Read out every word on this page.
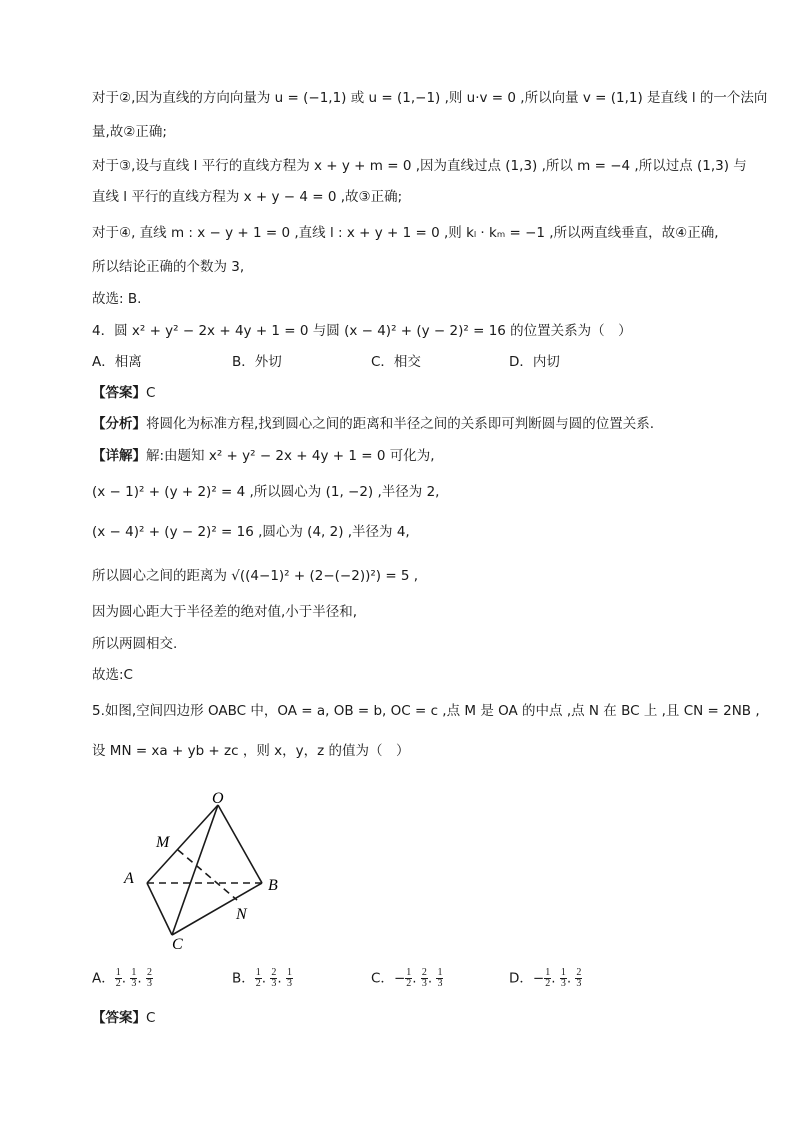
对于②,因为直线的方向向量为 u = (−1,1) 或 u = (1,−1) ,则 u·v = 0 ,所以向量 v = (1,1) 是直线 l 的一个法向
量,故②正确;
对于③,设与直线 l 平行的直线方程为 x + y + m = 0 ,因为直线过点 (1,3) ,所以 m = −4 ,所以过点 (1,3) 与
直线 l 平行的直线方程为 x + y − 4 = 0 ,故③正确;
对于④, 直线 m : x − y + 1 = 0 ,直线 l : x + y + 1 = 0 ,则 kₗ · kₘ = −1 ,所以两直线垂直，故④正确,
所以结论正确的个数为 3,
故选: B.
4．圆 x² + y² − 2x + 4y + 1 = 0 与圆 (x − 4)² + (y − 2)² = 16 的位置关系为（　）
A．相离	B．外切	C．相交	D．内切
【答案】C
【分析】将圆化为标准方程,找到圆心之间的距离和半径之间的关系即可判断圆与圆的位置关系.
【详解】解:由题知 x² + y² − 2x + 4y + 1 = 0 可化为,
(x − 1)² + (y + 2)² = 4 ,所以圆心为 (1, −2) ,半径为 2,
(x − 4)² + (y − 2)² = 16 ,圆心为 (4, 2) ,半径为 4,
所以圆心之间的距离为 √((4−1)² + (2−(−2))²) = 5 ,
因为圆心距大于半径差的绝对值,小于半径和,
所以两圆相交.
故选:C
5.如图,空间四边形 OABC 中，OA = a, OB = b, OC = c ,点 M 是 OA 的中点 ,点 N 在 BC 上 ,且 CN = 2NB ,
设 MN = xa + yb + zc ，则 x，y，z 的值为（　）
O
M
A	B
N
C
A． $\frac{1}{2}$ . $\frac{1}{3}$ . $\frac{2}{3}$	B． $\frac{1}{2}$ . $\frac{2}{3}$ . $\frac{1}{3}$	C．− $\frac{1}{2}$ . $\frac{2}{3}$ . $\frac{1}{3}$	D．− $\frac{1}{2}$ . $\frac{1}{3}$ . $\frac{2}{3}$
【答案】C
